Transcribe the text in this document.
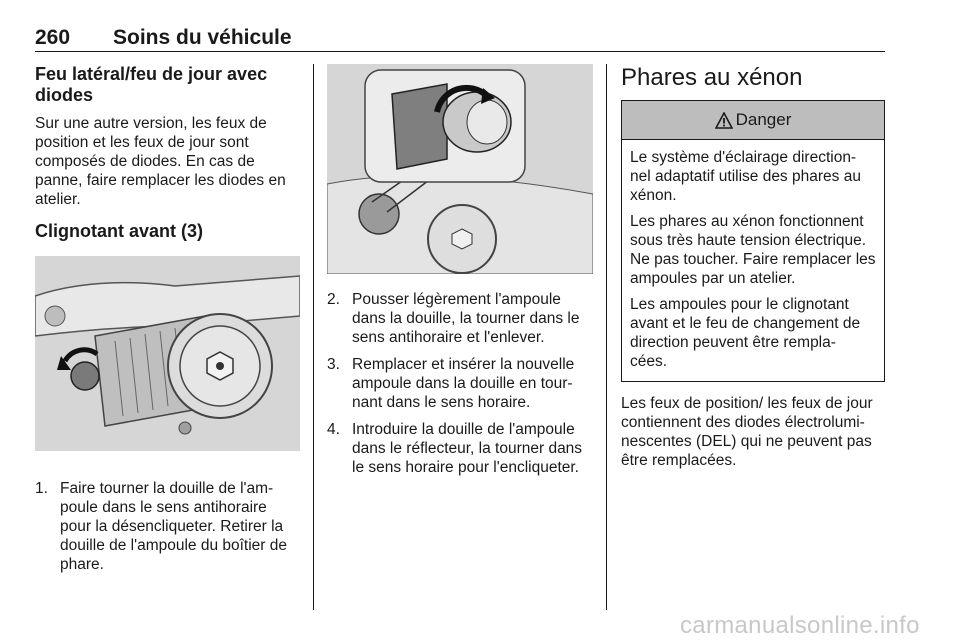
260 Soins du véhicule
Feu latéral/feu de jour avec diodes

Sur une autre version, les feux de position et les feux de jour sont composés de diodes. En cas de panne, faire remplacer les diodes en atelier.

Clignotant avant (3)
1. Faire tourner la douille de l'am- poule dans le sens antihoraire pour la désencliqueter. Retirer la douille de l'ampoule du boîtier de phare.
2. Pousser légèrement l'ampoule dans la douille, la tourner dans le sens antihoraire et l'enlever.
3. Remplacer et insérer la nouvelle ampoule dans la douille en tour- nant dans le sens horaire.
4. Introduire la douille de l'ampoule dans le réflecteur, la tourner dans le sens horaire pour l'encliqueter.
Phares au xénon
Danger

Le système d'éclairage direction- nel adaptatif utilise des phares au xénon.

Les phares au xénon fonctionnent sous très haute tension électrique. Ne pas toucher. Faire remplacer les ampoules par un atelier.

Les ampoules pour le clignotant avant et le feu de changement de direction peuvent être rempla- cées.

Les feux de position/ les feux de jour contiennent des diodes électrolumi- nescentes (DEL) qui ne peuvent pas être remplacées.

carmanualsonline.info
